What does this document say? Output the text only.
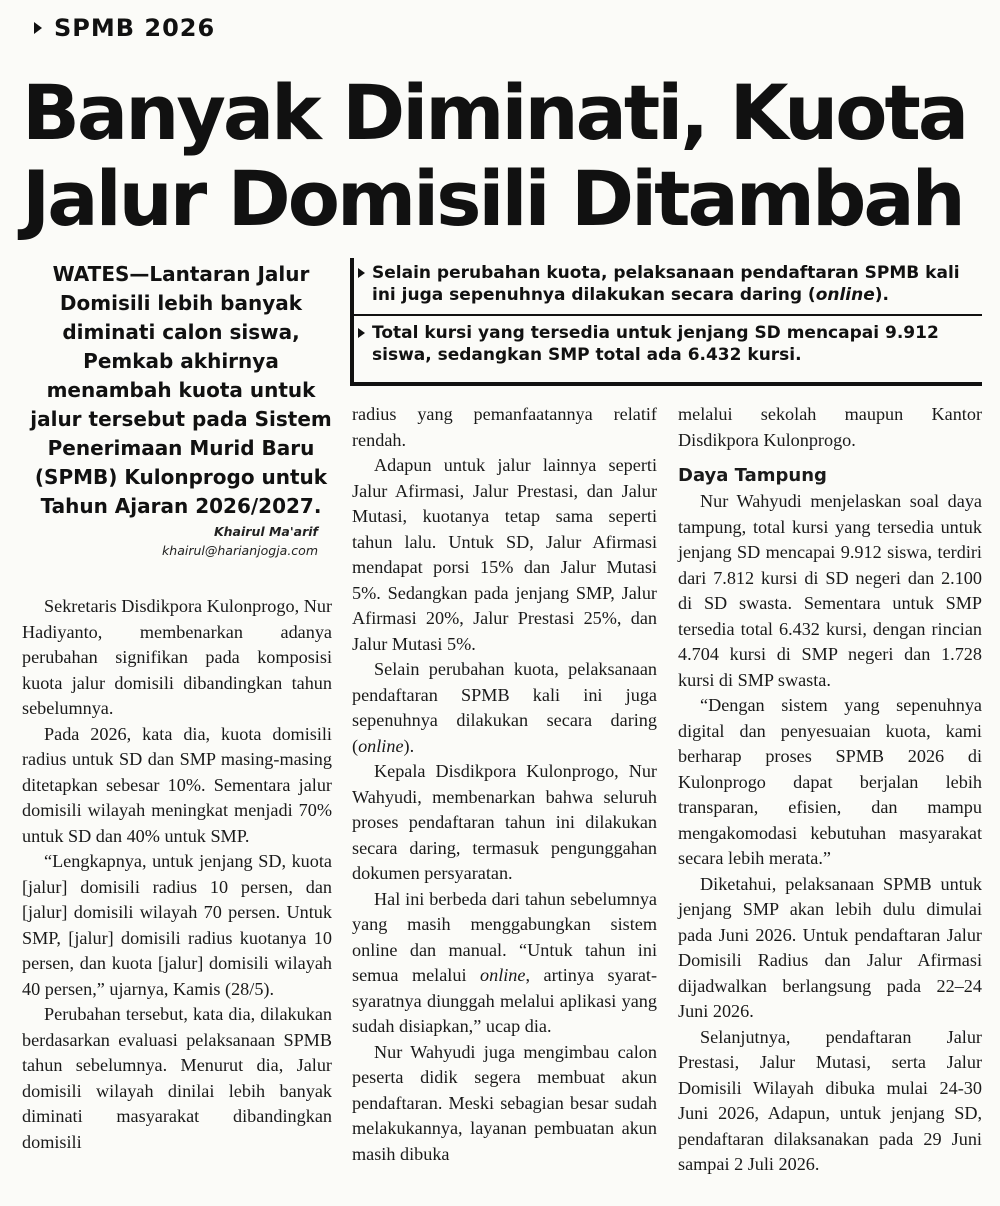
SPMB 2026
Banyak Diminati, Kuota
Jalur Domisili Ditambah
WATES—Lantaran Jalur Domisili lebih banyak diminati calon siswa, Pemkab akhirnya menambah kuota untuk jalur tersebut pada Sistem Penerimaan Murid Baru (SPMB) Kulonprogo untuk Tahun Ajaran 2026/2027.
Khairul Ma'arif
khairul@harianjogja.com
Selain perubahan kuota, pelaksanaan pendaftaran SPMB kali ini juga sepenuhnya dilakukan secara daring (online).
Total kursi yang tersedia untuk jenjang SD mencapai 9.912 siswa, sedangkan SMP total ada 6.432 kursi.

Sekretaris Disdikpora Kulonprogo, Nur Hadiyanto, membenarkan adanya perubahan signifikan pada komposisi kuota jalur domisili dibandingkan tahun sebelumnya.

Pada 2026, kata dia, kuota domisili radius untuk SD dan SMP masing-masing ditetapkan sebesar 10%. Sementara jalur domisili wilayah meningkat menjadi 70% untuk SD dan 40% untuk SMP.

“Lengkapnya, untuk jenjang SD, kuota [jalur] domisili radius 10 persen, dan [jalur] domisili wilayah 70 persen. Untuk SMP, [jalur] domisili radius kuotanya 10 persen, dan kuota [jalur] domisili wilayah 40 persen,” ujarnya, Kamis (28/5).

Perubahan tersebut, kata dia, dilakukan berdasarkan evaluasi pelaksanaan SPMB tahun sebelumnya. Menurut dia, Jalur domisili wilayah dinilai lebih banyak diminati masyarakat dibandingkan domisili

radius yang pemanfaatannya relatif rendah.

Adapun untuk jalur lainnya seperti Jalur Afirmasi, Jalur Prestasi, dan Jalur Mutasi, kuotanya tetap sama seperti tahun lalu. Untuk SD, Jalur Afirmasi mendapat porsi 15% dan Jalur Mutasi 5%. Sedangkan pada jenjang SMP, Jalur Afirmasi 20%, Jalur Prestasi 25%, dan Jalur Mutasi 5%.

Selain perubahan kuota, pelaksanaan pendaftaran SPMB kali ini juga sepenuhnya dilakukan secara daring (online).

Kepala Disdikpora Kulonprogo, Nur Wahyudi, membenarkan bahwa seluruh proses pendaftaran tahun ini dilakukan secara daring, termasuk pengunggahan dokumen persyaratan.

Hal ini berbeda dari tahun sebelumnya yang masih menggabungkan sistem online dan manual. “Untuk tahun ini semua melalui online, artinya syarat-syaratnya diunggah melalui aplikasi yang sudah disiapkan,” ucap dia.

Nur Wahyudi juga mengimbau calon peserta didik segera membuat akun pendaftaran. Meski sebagian besar sudah melakukannya, layanan pembuatan akun masih dibuka

melalui sekolah maupun Kantor Disdikpora Kulonprogo.

Daya Tampung

Nur Wahyudi menjelaskan soal daya tampung, total kursi yang tersedia untuk jenjang SD mencapai 9.912 siswa, terdiri dari 7.812 kursi di SD negeri dan 2.100 di SD swasta. Sementara untuk SMP tersedia total 6.432 kursi, dengan rincian 4.704 kursi di SMP negeri dan 1.728 kursi di SMP swasta.

“Dengan sistem yang sepenuhnya digital dan penyesuaian kuota, kami berharap proses SPMB 2026 di Kulonprogo dapat berjalan lebih transparan, efisien, dan mampu mengakomodasi kebutuhan masyarakat secara lebih merata.”

Diketahui, pelaksanaan SPMB untuk jenjang SMP akan lebih dulu dimulai pada Juni 2026. Untuk pendaftaran Jalur Domisili Radius dan Jalur Afirmasi dijadwalkan berlangsung pada 22–24 Juni 2026.

Selanjutnya, pendaftaran Jalur Prestasi, Jalur Mutasi, serta Jalur Domisili Wilayah dibuka mulai 24-30 Juni 2026, Adapun, untuk jenjang SD, pendaftaran dilaksanakan pada 29 Juni sampai 2 Juli 2026.
